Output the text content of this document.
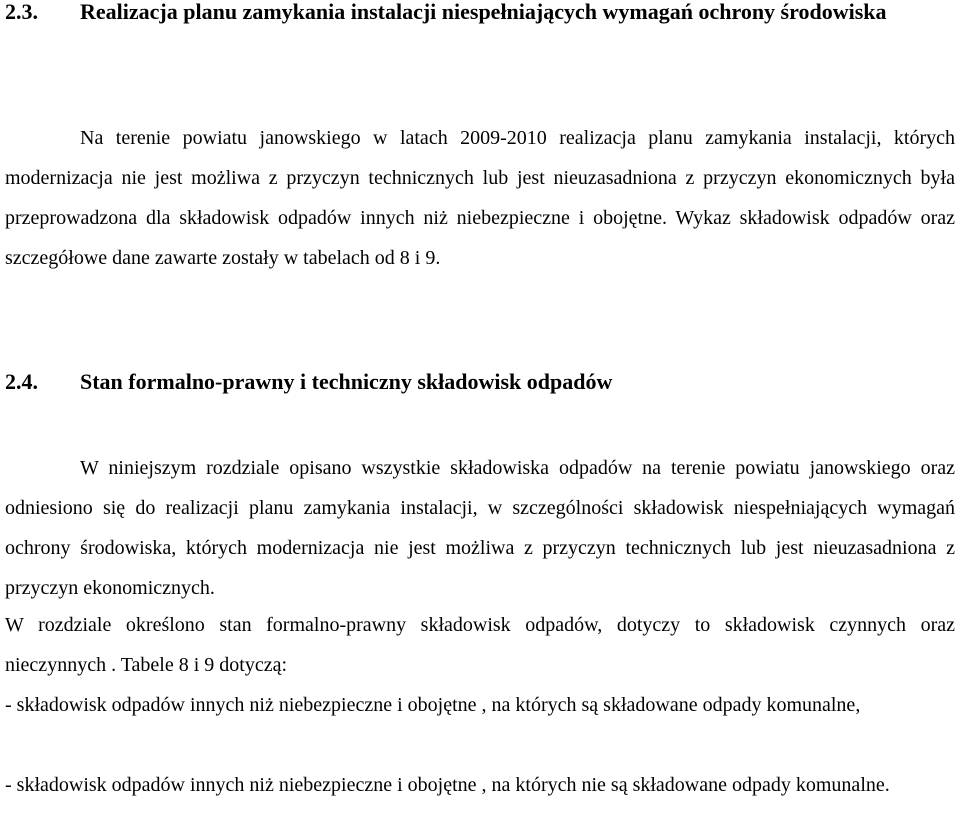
2.3. Realizacja planu zamykania instalacji niespełniających wymagań ochrony środowiska
Na terenie powiatu janowskiego w latach 2009-2010 realizacja planu zamykania instalacji, których modernizacja nie jest możliwa z przyczyn technicznych lub jest nieuzasadniona z przyczyn ekonomicznych była przeprowadzona dla składowisk odpadów innych niż niebezpieczne i obojętne. Wykaz składowisk odpadów oraz szczegółowe dane zawarte zostały w tabelach od 8 i 9.
2.4. Stan formalno-prawny i techniczny składowisk odpadów
W niniejszym rozdziale opisano wszystkie składowiska odpadów na terenie powiatu janowskiego oraz odniesiono się do realizacji planu zamykania instalacji, w szczególności składowisk niespełniających wymagań ochrony środowiska, których modernizacja nie jest możliwa z przyczyn technicznych lub jest nieuzasadniona z przyczyn ekonomicznych.
W rozdziale określono stan formalno-prawny składowisk odpadów, dotyczy to składowisk czynnych oraz nieczynnych . Tabele 8 i 9 dotyczą:
- składowisk odpadów innych niż niebezpieczne i obojętne , na których są składowane odpady komunalne,
- składowisk odpadów innych niż niebezpieczne i obojętne , na których nie są składowane odpady komunalne.
